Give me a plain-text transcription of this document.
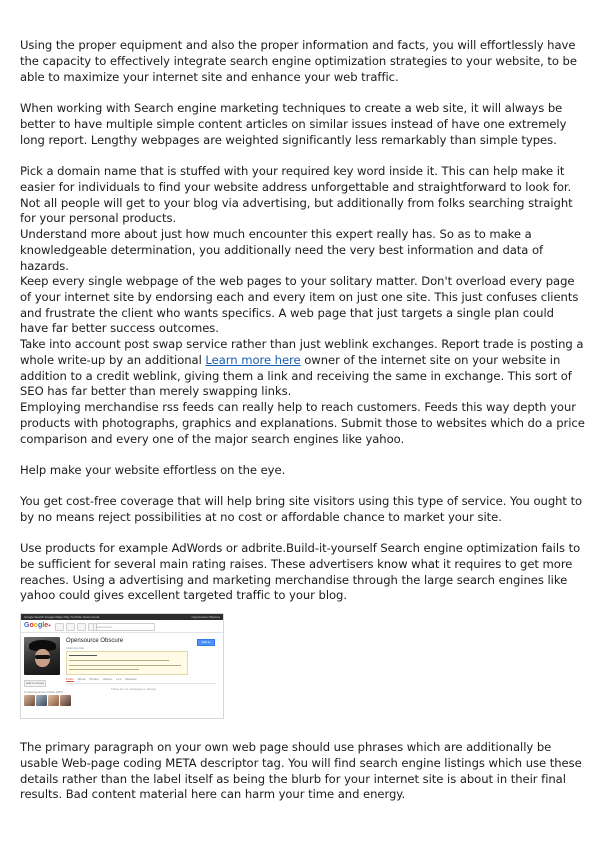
Using the proper equipment and also the proper information and facts, you will effortlessly have the capacity to effectively integrate search engine optimization strategies to your website, to be able to maximize your internet site and enhance your web traffic.

When working with Search engine marketing techniques to create a web site, it will always be better to have multiple simple content articles on similar issues instead of have one extremely long report. Lengthy webpages are weighted significantly less remarkably than simple types.

Pick a domain name that is stuffed with your required key word inside it. This can help make it easier for individuals to find your website address unforgettable and straightforward to look for. Not all people will get to your blog via advertising, but additionally from folks searching straight for your personal products.

Understand more about just how much encounter this expert really has. So as to make a knowledgeable determination, you additionally need the very best information and data of hazards.

Keep every single webpage of the web pages to your solitary matter. Don't overload every page of your internet site by endorsing each and every item on just one site. This just confuses clients and frustrate the client who wants specifics. A web page that just targets a single plan could have far better success outcomes.

Take into account post swap service rather than just weblink exchanges. Report trade is posting a whole write-up by an additional Learn more here owner of the internet site on your website in addition to a credit weblink, giving them a link and receiving the same in exchange. This sort of SEO has far better than merely swapping links.

Employing merchandise rss feeds can really help to reach customers. Feeds this way depth your products with photographs, graphics and explanations. Submit those to websites which do a price comparison and every one of the major search engines like yahoo.

Help make your website effortless on the eye.

You get cost-free coverage that will help bring site visitors using this type of service. You ought to by no means reject possibilities at no cost or affordable chance to market your site.

Use products for example AdWords or adbrite.Build-it-yourself Search engine optimization fails to be sufficient for several main rating raises. These advertisers know what it requires to get more reaches. Using a advertising and marketing merchandise through the large search engines like yahoo could gives excellent targeted traffic to your blog.

Google Search Images Maps Play YouTube News Gmail	Opensource Obscure
Google+	Opensource
Opensource Obscure
Unknown title
Add to circles
Posts About Photos Videos +1's Reviews
There are no messages to display.
Add to circles
In Opensource's circles (307)

The primary paragraph on your own web page should use phrases which are additionally be usable Web-page coding META descriptor tag. You will find search engine listings which use these details rather than the label itself as being the blurb for your internet site is about in their final results. Bad content material here can harm your time and energy.
